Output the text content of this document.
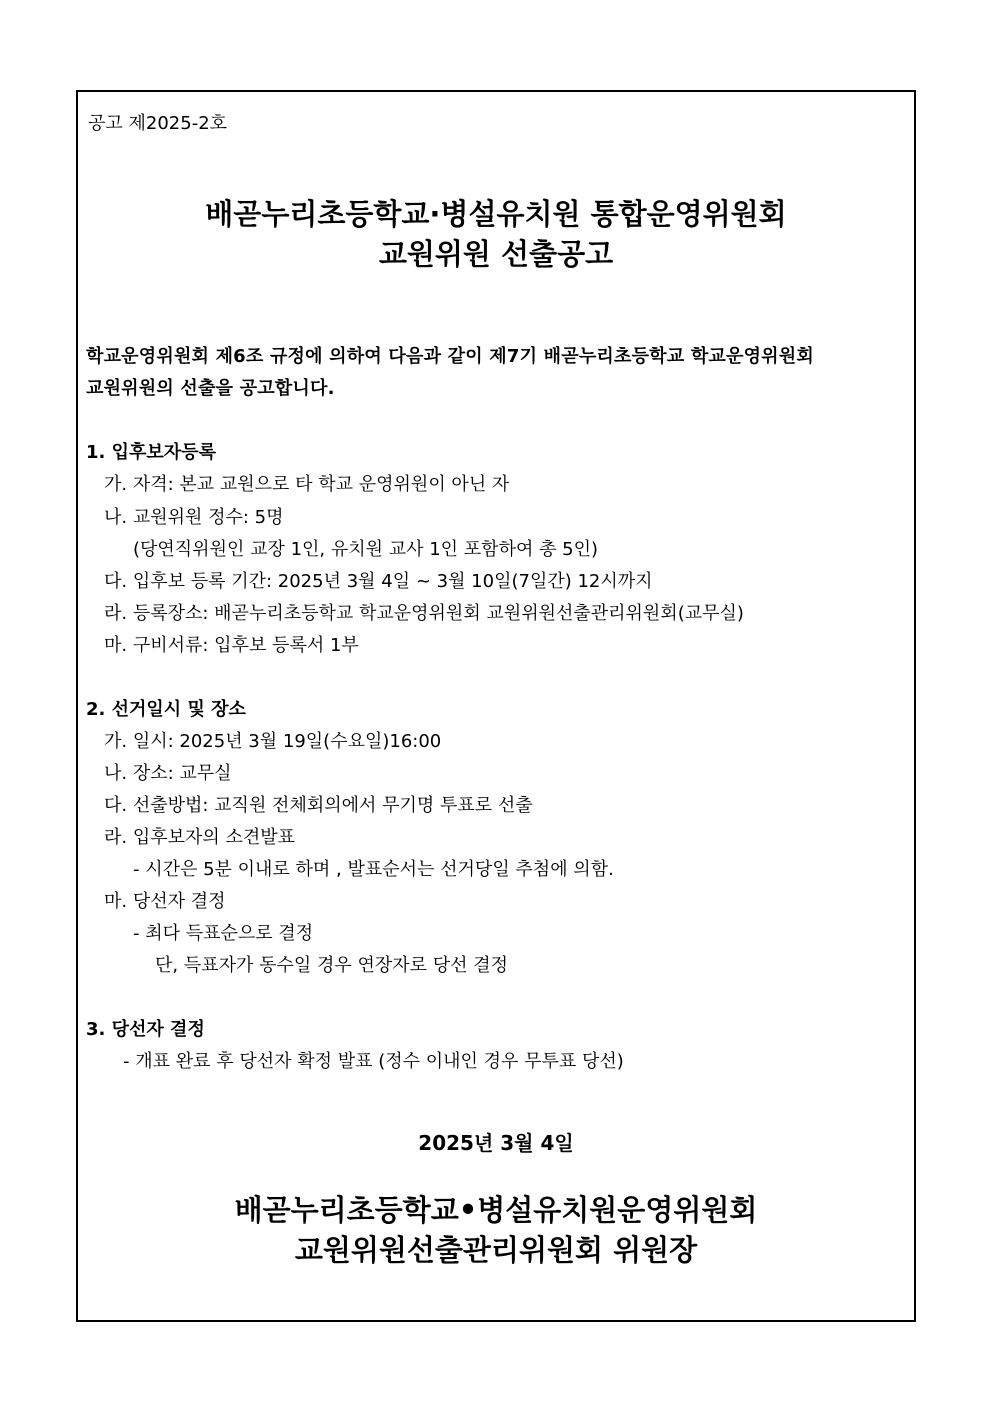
공고 제2025-2호
배곧누리초등학교·병설유치원 통합운영위원회
교원위원 선출공고
학교운영위원회 제6조 규정에 의하여 다음과 같이 제7기 배곧누리초등학교 학교운영위원회
교원위원의 선출을 공고합니다.
1. 입후보자등록
가. 자격: 본교 교원으로 타 학교 운영위원이 아닌 자
나. 교원위원 정수: 5명
(당연직위원인 교장 1인, 유치원 교사 1인 포함하여 총 5인)
다. 입후보 등록 기간: 2025년 3월 4일 ~ 3월 10일(7일간) 12시까지
라. 등록장소: 배곧누리초등학교 학교운영위원회 교원위원선출관리위원회(교무실)
마. 구비서류: 입후보 등록서 1부
2. 선거일시 및 장소
가. 일시: 2025년 3월 19일(수요일)16:00
나. 장소: 교무실
다. 선출방법: 교직원 전체회의에서 무기명 투표로 선출
라. 입후보자의 소견발표
- 시간은 5분 이내로 하며 , 발표순서는 선거당일 추첨에 의함.
마. 당선자 결정
- 최다 득표순으로 결정
단, 득표자가 동수일 경우 연장자로 당선 결정
3. 당선자 결정
- 개표 완료 후 당선자 확정 발표 (정수 이내인 경우 무투표 당선)
2025년 3월 4일
배곧누리초등학교•병설유치원운영위원회
교원위원선출관리위원회 위원장
